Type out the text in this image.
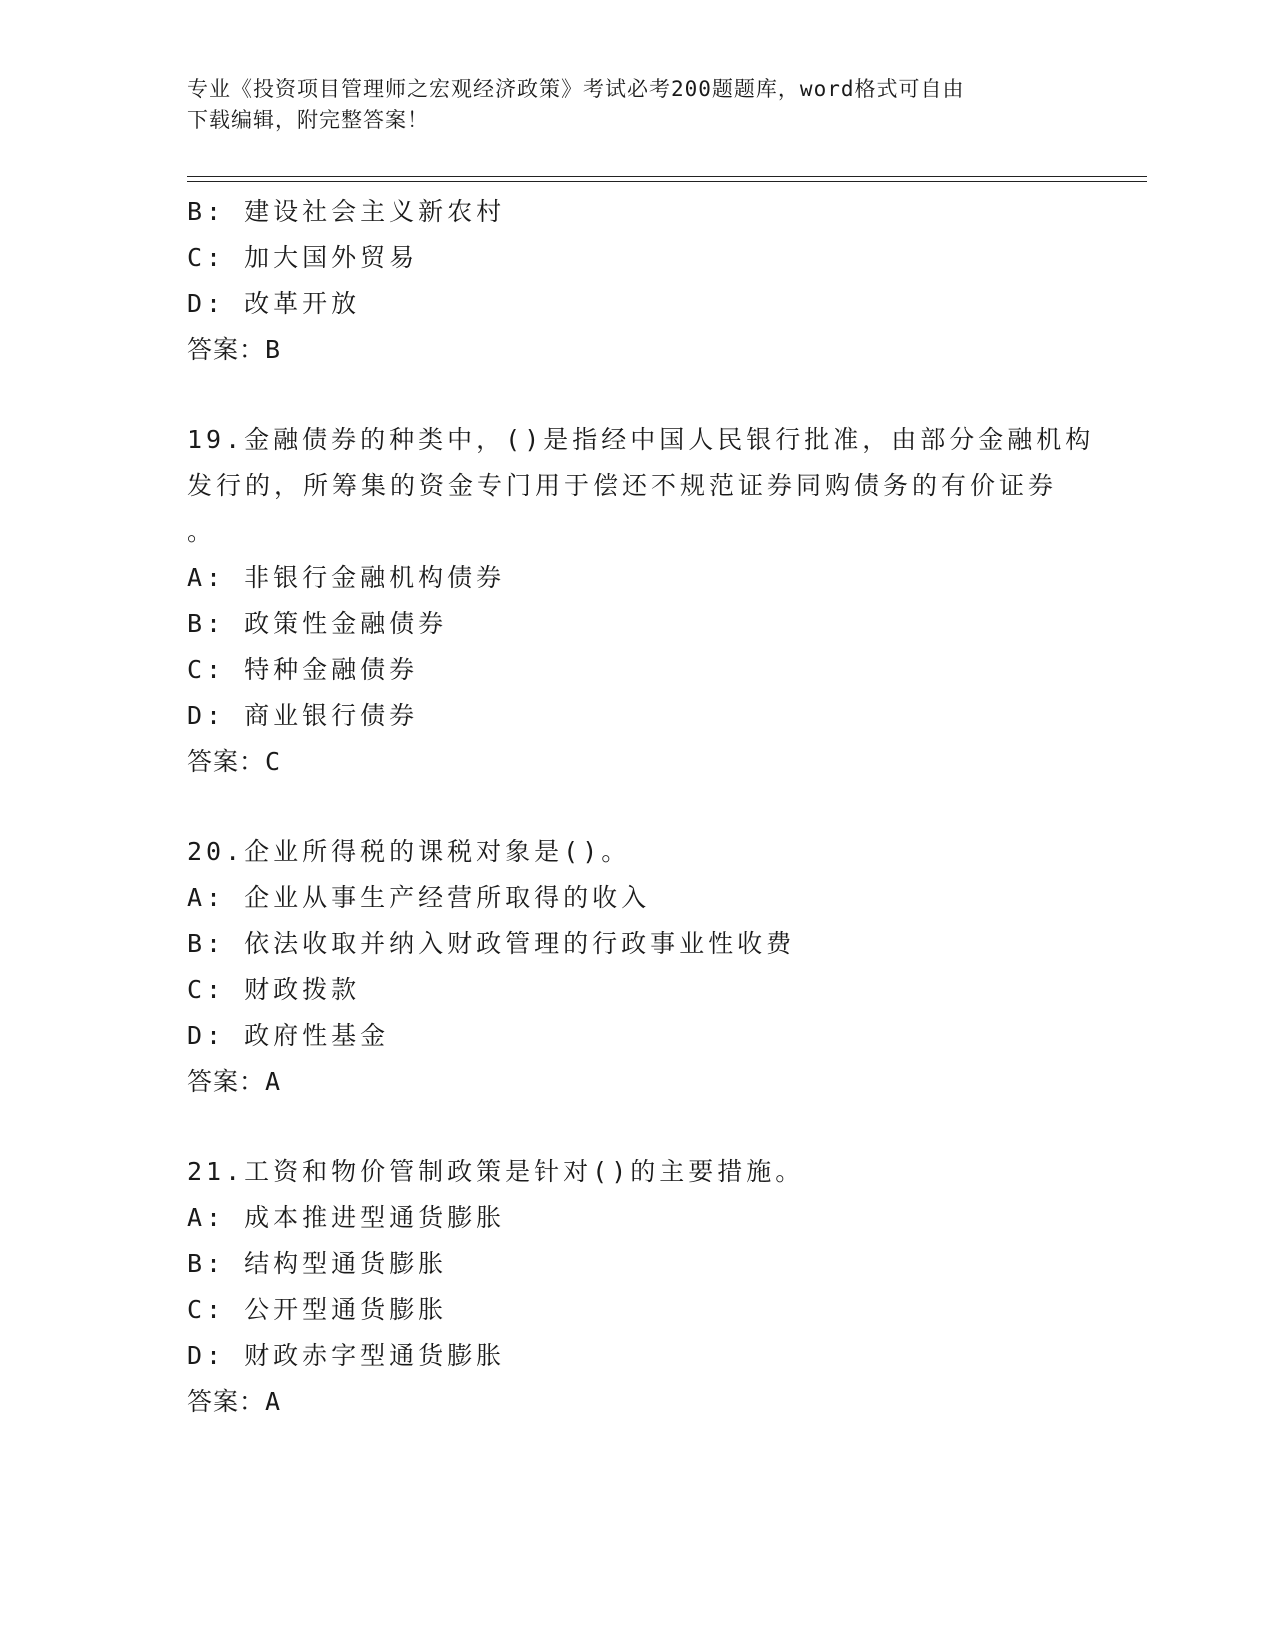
专业《投资项目管理师之宏观经济政策》考试必考200题题库，word格式可自由
下载编辑，附完整答案！
B: 建设社会主义新农村
C: 加大国外贸易
D: 改革开放
答案：B
19.金融债券的种类中，()是指经中国人民银行批准，由部分金融机构
发行的，所筹集的资金专门用于偿还不规范证券同购债务的有价证券
。
A: 非银行金融机构债券
B: 政策性金融债券
C: 特种金融债券
D: 商业银行债券
答案：C
20.企业所得税的课税对象是()。
A: 企业从事生产经营所取得的收入
B: 依法收取并纳入财政管理的行政事业性收费
C: 财政拨款
D: 政府性基金
答案：A
21.工资和物价管制政策是针对()的主要措施。
A: 成本推进型通货膨胀
B: 结构型通货膨胀
C: 公开型通货膨胀
D: 财政赤字型通货膨胀
答案：A
